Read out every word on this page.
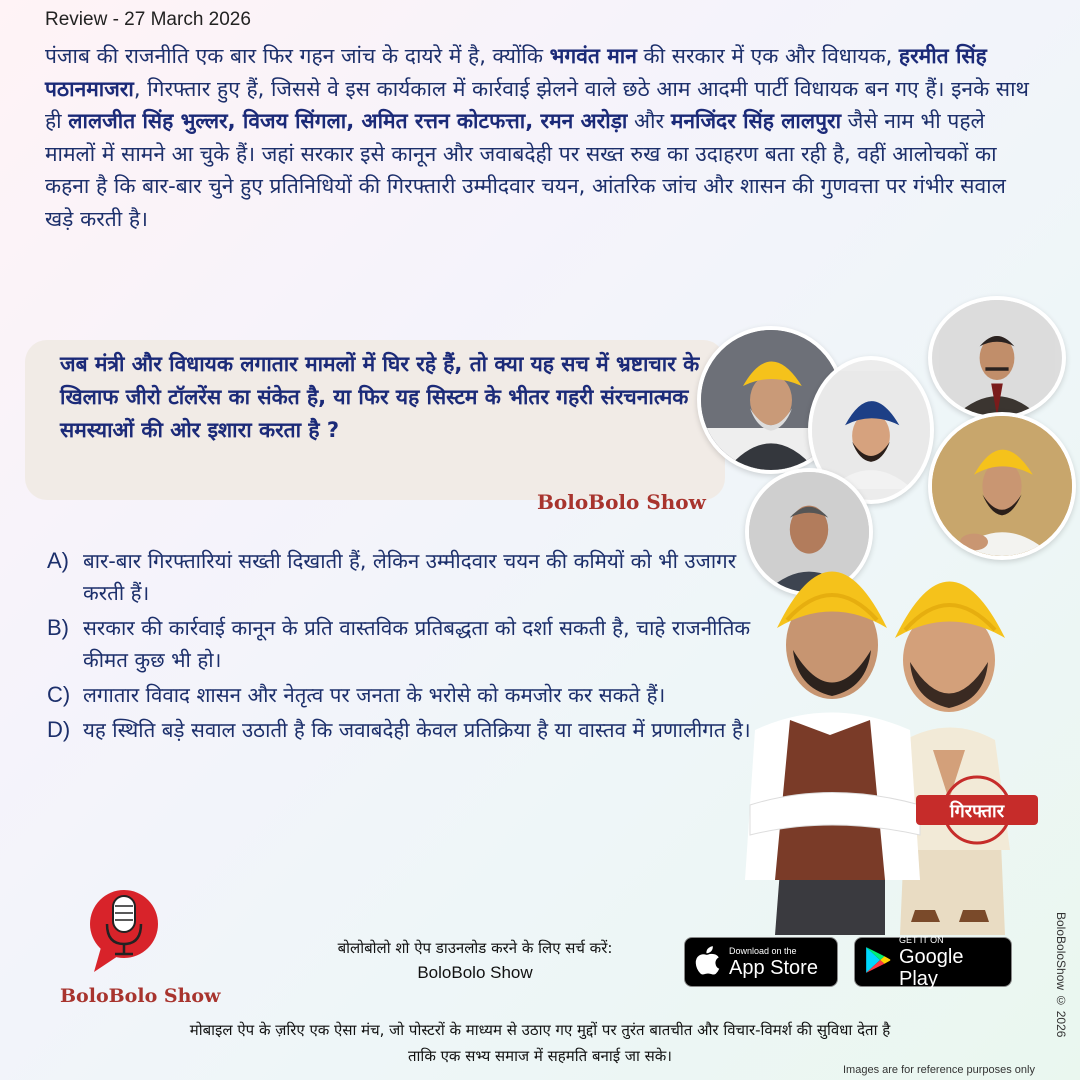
Review - 27 March 2026

पंजाब की राजनीति एक बार फिर गहन जांच के दायरे में है, क्योंकि भगवंत मान की सरकार में एक और विधायक, हरमीत सिंह पठानमाजरा, गिरफ्तार हुए हैं, जिससे वे इस कार्यकाल में कार्रवाई झेलने वाले छठे आम आदमी पार्टी विधायक बन गए हैं। इनके साथ ही लालजीत सिंह भुल्लर, विजय सिंगला, अमित रत्तन कोटफत्ता, रमन अरोड़ा और मनजिंदर सिंह लालपुरा जैसे नाम भी पहले मामलों में सामने आ चुके हैं। जहां सरकार इसे कानून और जवाबदेही पर सख्त रुख का उदाहरण बता रही है, वहीं आलोचकों का कहना है कि बार-बार चुने हुए प्रतिनिधियों की गिरफ्तारी उम्मीदवार चयन, आंतरिक जांच और शासन की गुणवत्ता पर गंभीर सवाल खड़े करती है।

जब मंत्री और विधायक लगातार मामलों में घिर रहे हैं, तो क्या यह सच में भ्रष्टाचार के खिलाफ जीरो टॉलरेंस का संकेत है, या फिर यह सिस्टम के भीतर गहरी संरचनात्मक समस्याओं की ओर इशारा करता है ?

BoloBolo Show
गिरफ्तार
A) बार-बार गिरफ्तारियां सख्ती दिखाती हैं, लेकिन उम्मीदवार चयन की कमियों को भी उजागर करती हैं।
B) सरकार की कार्रवाई कानून के प्रति वास्तविक प्रतिबद्धता को दर्शा सकती है, चाहे राजनीतिक कीमत कुछ भी हो।
C) लगातार विवाद शासन और नेतृत्व पर जनता के भरोसे को कमजोर कर सकते हैं।
D) यह स्थिति बड़े सवाल उठाती है कि जवाबदेही केवल प्रतिक्रिया है या वास्तव में प्रणालीगत है।
BoloBoloShow © 2026
BoloBolo Show
बोलोबोलो शो ऐप डाउनलोड करने के लिए सर्च करें:
BoloBolo Show
Download on the
App Store
GET IT ON
Google Play
मोबाइल ऐप के ज़रिए एक ऐसा मंच, जो पोस्टरों के माध्यम से उठाए गए मुद्दों पर तुरंत बातचीत और विचार-विमर्श की सुविधा देता है
ताकि एक सभ्य समाज में सहमति बनाई जा सके।
Images are for reference purposes only
